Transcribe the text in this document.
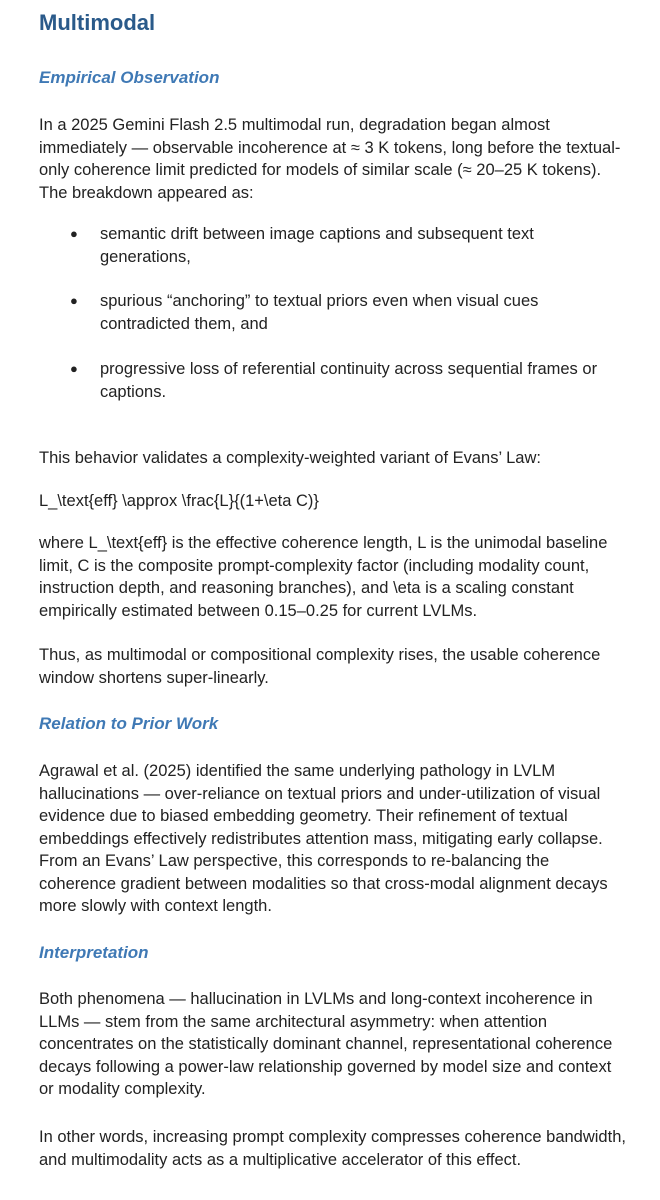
Multimodal
Empirical Observation

In a 2025 Gemini Flash 2.5 multimodal run, degradation began almost immediately — observable incoherence at ≈ 3 K tokens, long before the textual-only coherence limit predicted for models of similar scale (≈ 20–25 K tokens). The breakdown appeared as:

● semantic drift between image captions and subsequent text generations,
● spurious “anchoring” to textual priors even when visual cues contradicted them, and
● progressive loss of referential continuity across sequential frames or captions.

This behavior validates a complexity-weighted variant of Evans’ Law:

L_\text{eff} \approx \frac{L}{(1+\eta C)}

where L_\text{eff} is the effective coherence length, L is the unimodal baseline limit, C is the composite prompt-complexity factor (including modality count, instruction depth, and reasoning branches), and \eta is a scaling constant empirically estimated between 0.15–0.25 for current LVLMs.

Thus, as multimodal or compositional complexity rises, the usable coherence window shortens super-linearly.

Relation to Prior Work

Agrawal et al. (2025) identified the same underlying pathology in LVLM hallucinations — over-reliance on textual priors and under-utilization of visual evidence due to biased embedding geometry. Their refinement of textual embeddings effectively redistributes attention mass, mitigating early collapse. From an Evans’ Law perspective, this corresponds to re-balancing the coherence gradient between modalities so that cross-modal alignment decays more slowly with context length.

Interpretation

Both phenomena — hallucination in LVLMs and long-context incoherence in LLMs — stem from the same architectural asymmetry: when attention concentrates on the statistically dominant channel, representational coherence decays following a power-law relationship governed by model size and context or modality complexity.

In other words, increasing prompt complexity compresses coherence bandwidth, and multimodality acts as a multiplicative accelerator of this effect.
